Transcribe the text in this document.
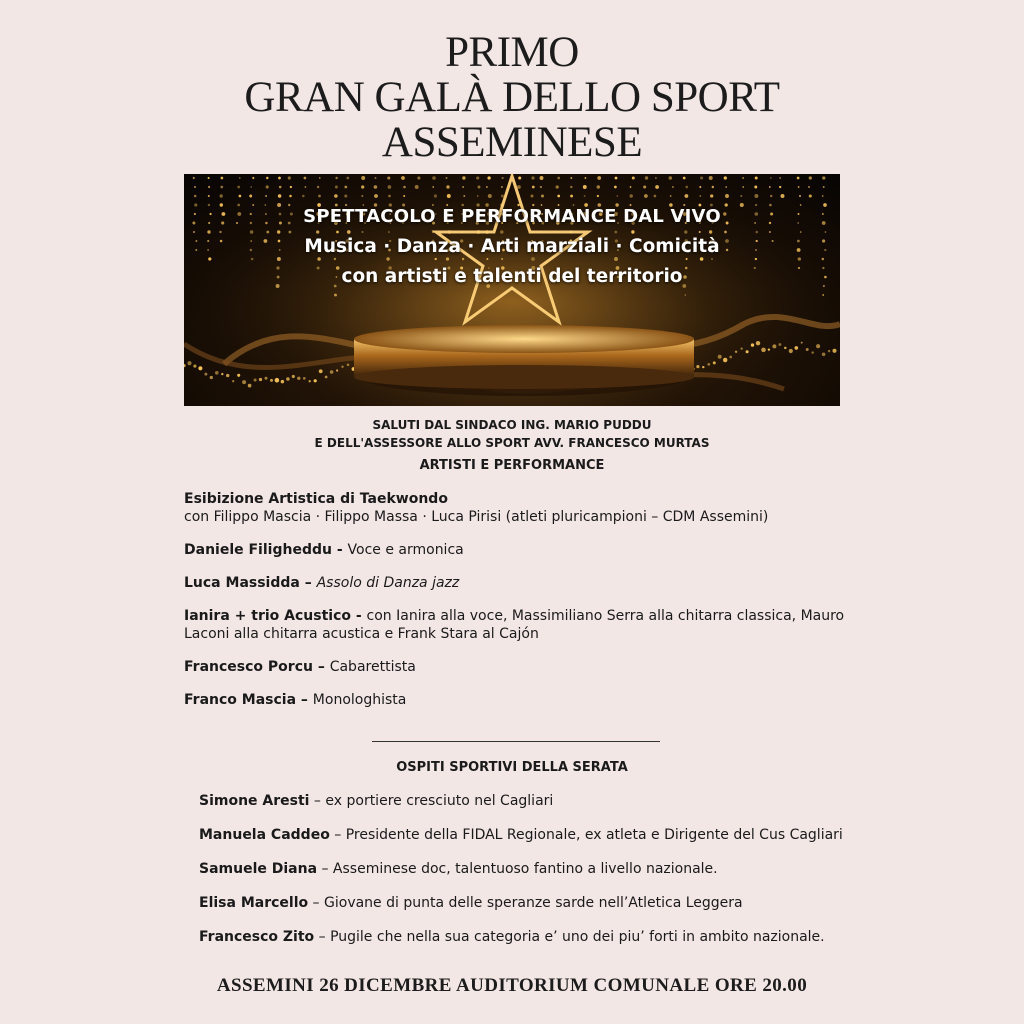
PRIMO
GRAN GALÀ DELLO SPORT
ASSEMINESE
SPETTACOLO E PERFORMANCE DAL VIVO
Musica · Danza · Arti marziali · Comicità
con artisti e talenti del territorio
SALUTI DAL SINDACO ING. MARIO PUDDU
E DELL'ASSESSORE ALLO SPORT AVV. FRANCESCO MURTAS
ARTISTI E PERFORMANCE
Esibizione Artistica di Taekwondo
con Filippo Mascia · Filippo Massa · Luca Pirisi (atleti pluricampioni – CDM Assemini)
Daniele Filigheddu - Voce e armonica
Luca Massidda – Assolo di Danza jazz
Ianira + trio Acustico - con Ianira alla voce, Massimiliano Serra alla chitarra classica, Mauro Laconi alla chitarra acustica e Frank Stara al Cajón
Francesco Porcu – Cabarettista
Franco Mascia – Monologhista
OSPITI SPORTIVI DELLA SERATA
Simone Aresti – ex portiere cresciuto nel Cagliari
Manuela Caddeo – Presidente della FIDAL Regionale, ex atleta e Dirigente del Cus Cagliari
Samuele Diana – Asseminese doc, talentuoso fantino a livello nazionale.
Elisa Marcello – Giovane di punta delle speranze sarde nell’Atletica Leggera
Francesco Zito – Pugile che nella sua categoria e’ uno dei piu’ forti in ambito nazionale.
ASSEMINI 26 DICEMBRE AUDITORIUM COMUNALE ORE 20.00
